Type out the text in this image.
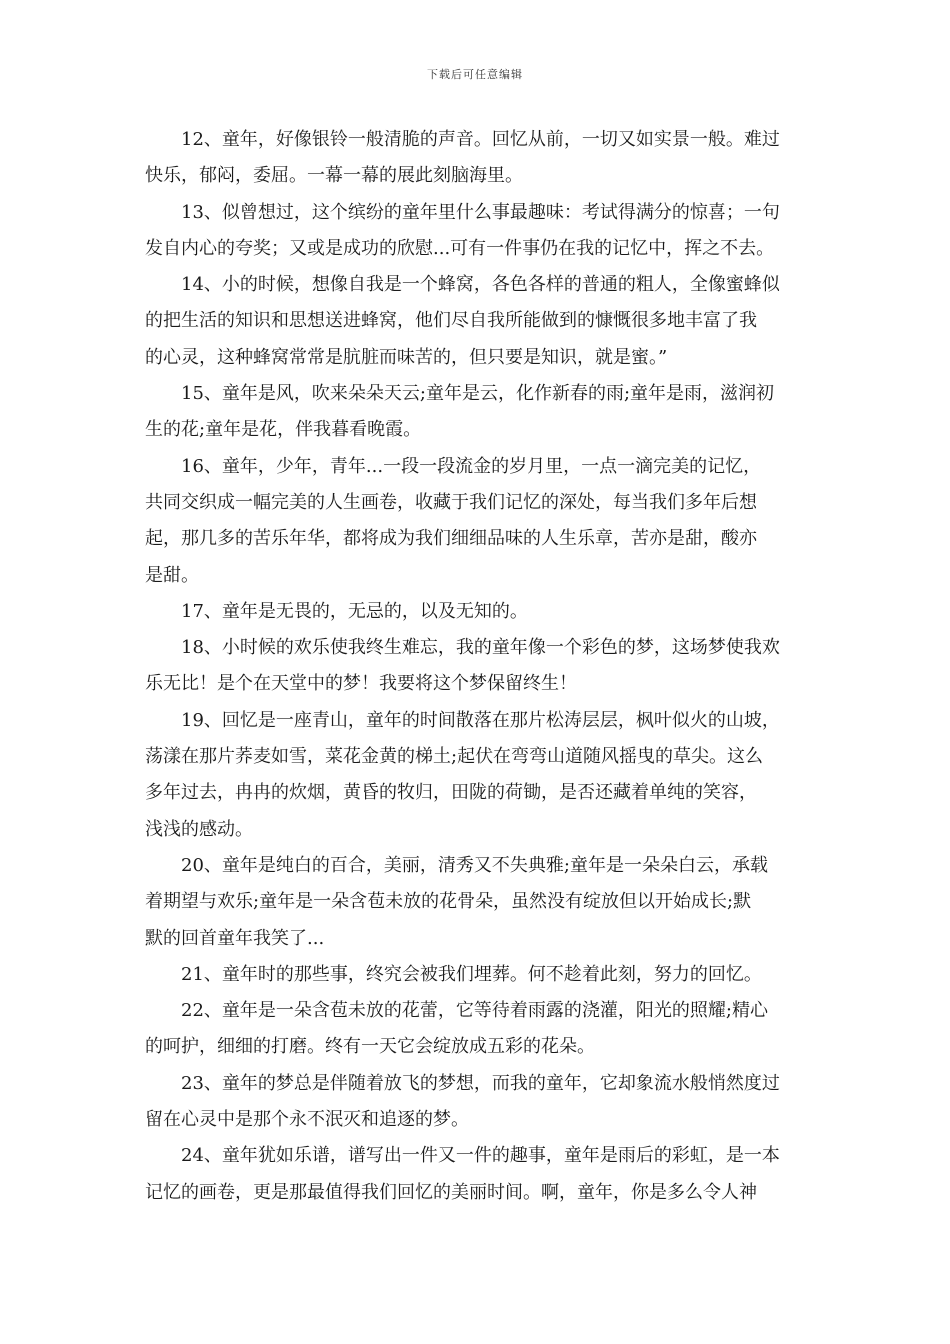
下载后可任意编辑

12、童年，好像银铃一般清脆的声音。回忆从前，一切又如实景一般。难过
快乐，郁闷，委屈。一幕一幕的展此刻脑海里。

13、似曾想过，这个缤纷的童年里什么事最趣味：考试得满分的惊喜；一句
发自内心的夸奖；又或是成功的欣慰...可有一件事仍在我的记忆中，挥之不去。

14、小的时候，想像自我是一个蜂窝，各色各样的普通的粗人，全像蜜蜂似
的把生活的知识和思想送进蜂窝，他们尽自我所能做到的慷慨很多地丰富了我
的心灵，这种蜂窝常常是肮脏而味苦的，但只要是知识，就是蜜。”

15、童年是风，吹来朵朵天云;童年是云，化作新春的雨;童年是雨，滋润初
生的花;童年是花，伴我暮看晚霞。

16、童年，少年，青年...一段一段流金的岁月里，一点一滴完美的记忆，
共同交织成一幅完美的人生画卷，收藏于我们记忆的深处，每当我们多年后想
起，那几多的苦乐年华，都将成为我们细细品味的人生乐章，苦亦是甜，酸亦
是甜。

17、童年是无畏的，无忌的，以及无知的。

18、小时候的欢乐使我终生难忘，我的童年像一个彩色的梦，这场梦使我欢
乐无比！是个在天堂中的梦！我要将这个梦保留终生！

19、回忆是一座青山，童年的时间散落在那片松涛层层，枫叶似火的山坡，
荡漾在那片荞麦如雪，菜花金黄的梯土;起伏在弯弯山道随风摇曳的草尖。这么
多年过去，冉冉的炊烟，黄昏的牧归，田陇的荷锄，是否还藏着单纯的笑容，
浅浅的感动。

20、童年是纯白的百合，美丽，清秀又不失典雅;童年是一朵朵白云，承载
着期望与欢乐;童年是一朵含苞未放的花骨朵，虽然没有绽放但以开始成长;默
默的回首童年我笑了...

21、童年时的那些事，终究会被我们埋葬。何不趁着此刻，努力的回忆。

22、童年是一朵含苞未放的花蕾，它等待着雨露的浇灌，阳光的照耀;精心
的呵护，细细的打磨。终有一天它会绽放成五彩的花朵。

23、童年的梦总是伴随着放飞的梦想，而我的童年，它却象流水般悄然度过
留在心灵中是那个永不泯灭和追逐的梦。

24、童年犹如乐谱，谱写出一件又一件的趣事，童年是雨后的彩虹，是一本
记忆的画卷，更是那最值得我们回忆的美丽时间。啊，童年，你是多么令人神
